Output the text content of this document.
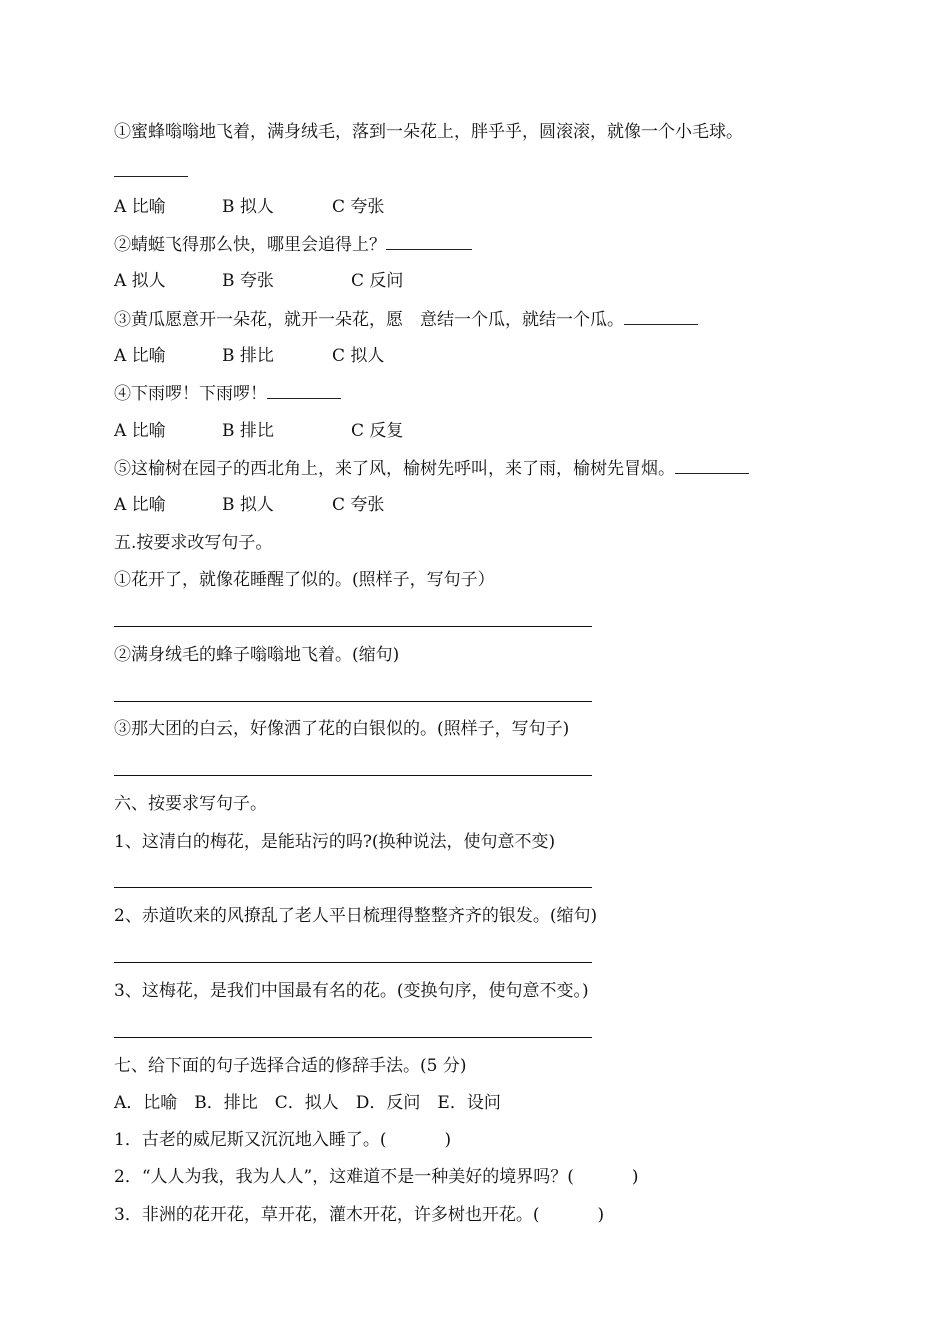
①蜜蜂嗡嗡地飞着，满身绒毛，落到一朵花上，胖乎乎，圆滚滚，就像一个小毛球。
A 比喻	B 拟人	C 夸张
②蜻蜓飞得那么快，哪里会追得上？
A 拟人	B 夸张	C 反问
③黄瓜愿意开一朵花，就开一朵花，愿　意结一个瓜，就结一个瓜。
A 比喻	B 排比	C 拟人
④下雨啰！下雨啰！
A 比喻	B 排比	C 反复
⑤这榆树在园子的西北角上，来了风，榆树先呼叫，来了雨，榆树先冒烟。
A 比喻	B 拟人	C 夸张
五.按要求改写句子。
①花开了，就像花睡醒了似的。(照样子，写句子）
②满身绒毛的蜂子嗡嗡地飞着。(缩句)
③那大团的白云，好像洒了花的白银似的。(照样子，写句子)
六、按要求写句子。
1、这清白的梅花，是能玷污的吗?(换种说法，使句意不变)
2、赤道吹来的风撩乱了老人平日梳理得整整齐齐的银发。(缩句)
3、这梅花，是我们中国最有名的花。(变换句序，使句意不变。)
七、给下面的句子选择合适的修辞手法。(5 分)
A．比喻　B．排比　C．拟人　D．反问　E．设问
1．古老的威尼斯又沉沉地入睡了。(	)
2．“人人为我，我为人人”，这难道不是一种美好的境界吗？(	)
3．非洲的花开花，草开花，灌木开花，许多树也开花。(	)
